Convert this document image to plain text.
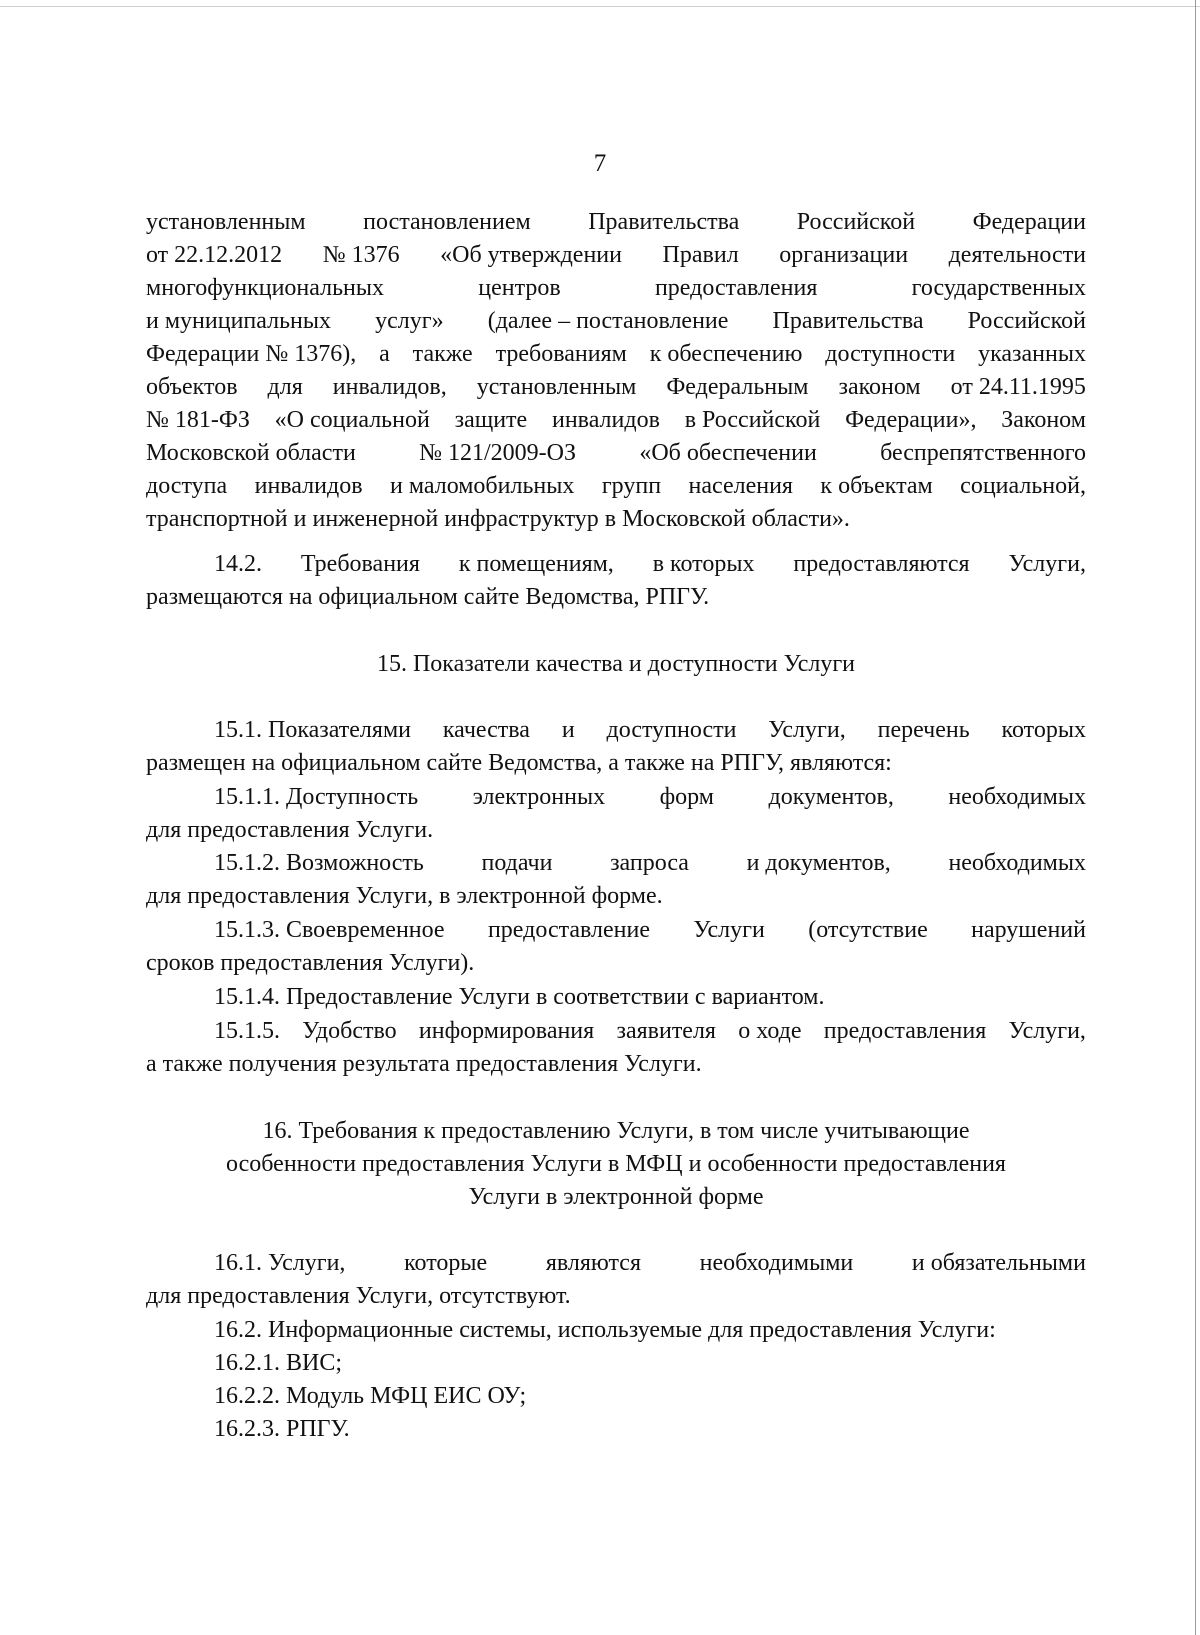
7
установленным постановлением Правительства Российской Федерации
от 22.12.2012 № 1376 «Об утверждении Правил организации деятельности
многофункциональных	центров	предоставления	государственных
и муниципальных услуг» (далее – постановление Правительства Российской
Федерации № 1376), а также требованиям к обеспечению доступности указанных
объектов для инвалидов, установленным Федеральным законом от 24.11.1995
№ 181-ФЗ «О социальной защите инвалидов в Российской Федерации», Законом
Московской области	№ 121/2009-ОЗ	«Об обеспечении	беспрепятственного
доступа инвалидов и маломобильных групп населения к объектам социальной,
транспортной и инженерной инфраструктур в Московской области».
14.2. Требования к помещениям, в которых предоставляются Услуги,
размещаются на официальном сайте Ведомства, РПГУ.
15. Показатели качества и доступности Услуги
15.1. Показателями качества и доступности Услуги, перечень которых
размещен на официальном сайте Ведомства, а также на РПГУ, являются:
15.1.1. Доступность электронных форм документов, необходимых
для предоставления Услуги.
15.1.2. Возможность подачи запроса и документов, необходимых
для предоставления Услуги, в электронной форме.
15.1.3. Своевременное предоставление Услуги (отсутствие нарушений
сроков предоставления Услуги).
15.1.4. Предоставление Услуги в соответствии с вариантом.
15.1.5. Удобство информирования заявителя о ходе предоставления Услуги,
а также получения результата предоставления Услуги.
16. Требования к предоставлению Услуги, в том числе учитывающие
особенности предоставления Услуги в МФЦ и особенности предоставления
Услуги в электронной форме
16.1. Услуги, которые являются необходимыми и обязательными
для предоставления Услуги, отсутствуют.
16.2. Информационные системы, используемые для предоставления Услуги:
16.2.1. ВИС;
16.2.2. Модуль МФЦ ЕИС ОУ;
16.2.3. РПГУ.
